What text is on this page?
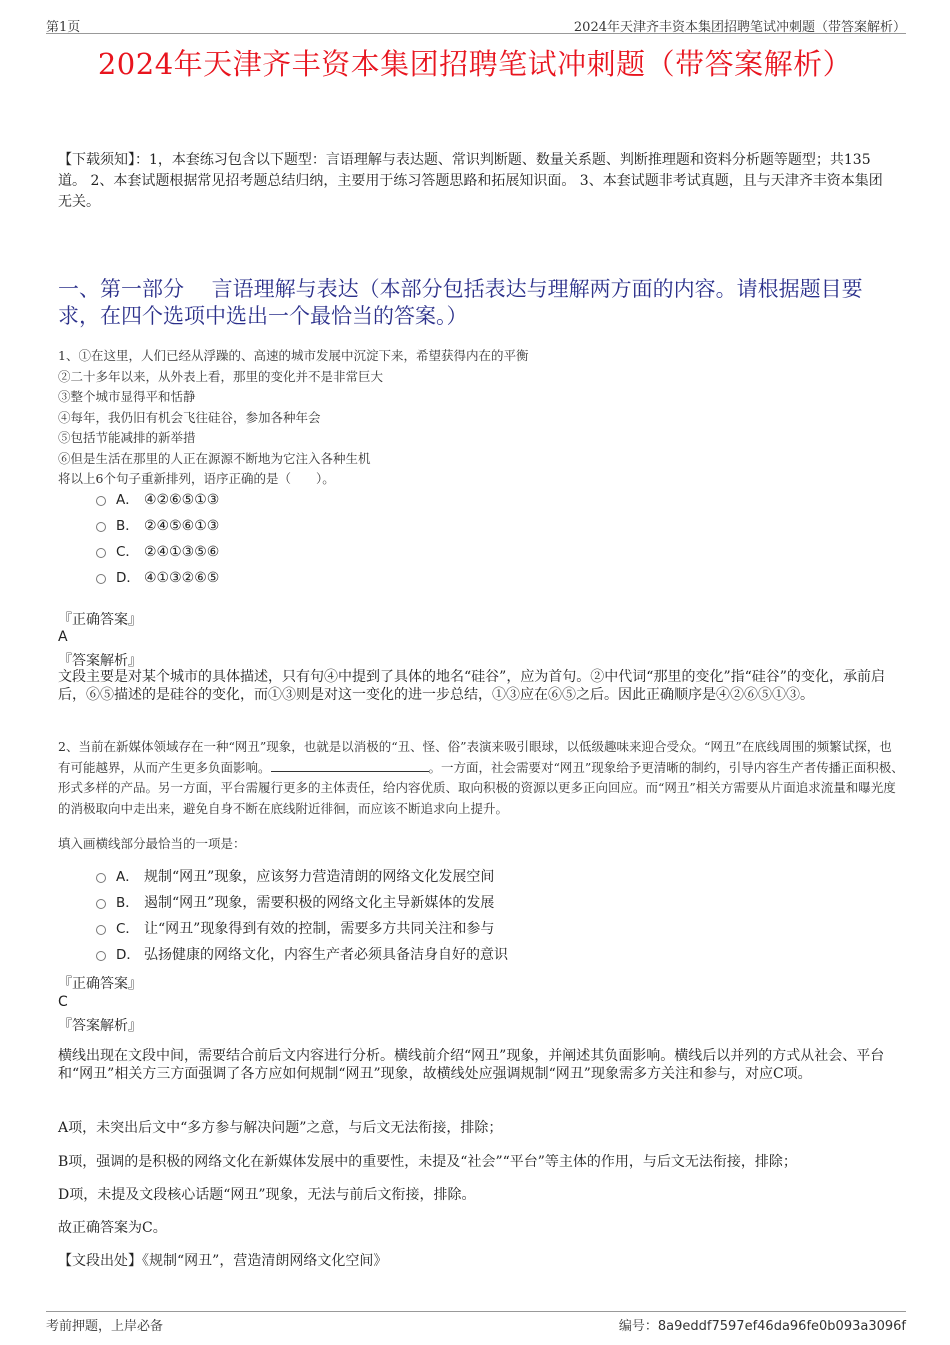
第1页	2024年天津齐丰资本集团招聘笔试冲刺题（带答案解析）
2024年天津齐丰资本集团招聘笔试冲刺题（带答案解析）
【下载须知】：1，本套练习包含以下题型：言语理解与表达题、常识判断题、数量关系题、判断推理题和资料分析题等题型；共135道。 2、本套试题根据常见招考题总结归纳，主要用于练习答题思路和拓展知识面。 3、本套试题非考试真题，且与天津齐丰资本集团无关。
一、第一部分　 言语理解与表达（本部分包括表达与理解两方面的内容。请根据题目要求，在四个选项中选出一个最恰当的答案。）
1、①在这里，人们已经从浮躁的、高速的城市发展中沉淀下来，希望获得内在的平衡
②二十多年以来，从外表上看，那里的变化并不是非常巨大
③整个城市显得平和恬静
④每年，我仍旧有机会飞往硅谷，参加各种年会
⑤包括节能减排的新举措
⑥但是生活在那里的人正在源源不断地为它注入各种生机
将以上6个句子重新排列，语序正确的是（　　）。
A． ④②⑥⑤①③
B． ②④⑤⑥①③
C． ②④①③⑤⑥
D． ④①③②⑥⑤
『正确答案』
A
『答案解析』
文段主要是对某个城市的具体描述，只有句④中提到了具体的地名“硅谷”，应为首句。②中代词“那里的变化”指“硅谷”的变化，承前启后，⑥⑤描述的是硅谷的变化，而①③则是对这一变化的进一步总结，①③应在⑥⑤之后。因此正确顺序是④②⑥⑤①③。
2、当前在新媒体领域存在一种“网丑”现象，也就是以消极的“丑、怪、俗”表演来吸引眼球，以低级趣味来迎合受众。“网丑”在底线周围的频繁试探，也有可能越界，从而产生更多负面影响。	。一方面，社会需要对“网丑”现象给予更清晰的制约，引导内容生产者传播正面积极、形式多样的产品。另一方面，平台需履行更多的主体责任，给内容优质、取向积极的资源以更多正向回应。而“网丑”相关方需要从片面追求流量和曝光度的消极取向中走出来，避免自身不断在底线附近徘徊，而应该不断追求向上提升。
填入画横线部分最恰当的一项是：
A． 规制“网丑”现象，应该努力营造清朗的网络文化发展空间
B． 遏制“网丑”现象，需要积极的网络文化主导新媒体的发展
C． 让“网丑”现象得到有效的控制，需要多方共同关注和参与
D． 弘扬健康的网络文化，内容生产者必须具备洁身自好的意识
『正确答案』
C
『答案解析』
横线出现在文段中间，需要结合前后文内容进行分析。横线前介绍“网丑”现象，并阐述其负面影响。横线后以并列的方式从社会、平台和“网丑”相关方三方面强调了各方应如何规制“网丑”现象，故横线处应强调规制“网丑”现象需多方关注和参与，对应C项。
A项，未突出后文中“多方参与解决问题”之意，与后文无法衔接，排除；
B项，强调的是积极的网络文化在新媒体发展中的重要性，未提及“社会”“平台”等主体的作用，与后文无法衔接，排除；
D项，未提及文段核心话题“网丑”现象，无法与前后文衔接，排除。
故正确答案为C。
【文段出处】《规制“网丑”，营造清朗网络文化空间》
考前押题，上岸必备	编号：8a9eddf7597ef46da96fe0b093a3096f
